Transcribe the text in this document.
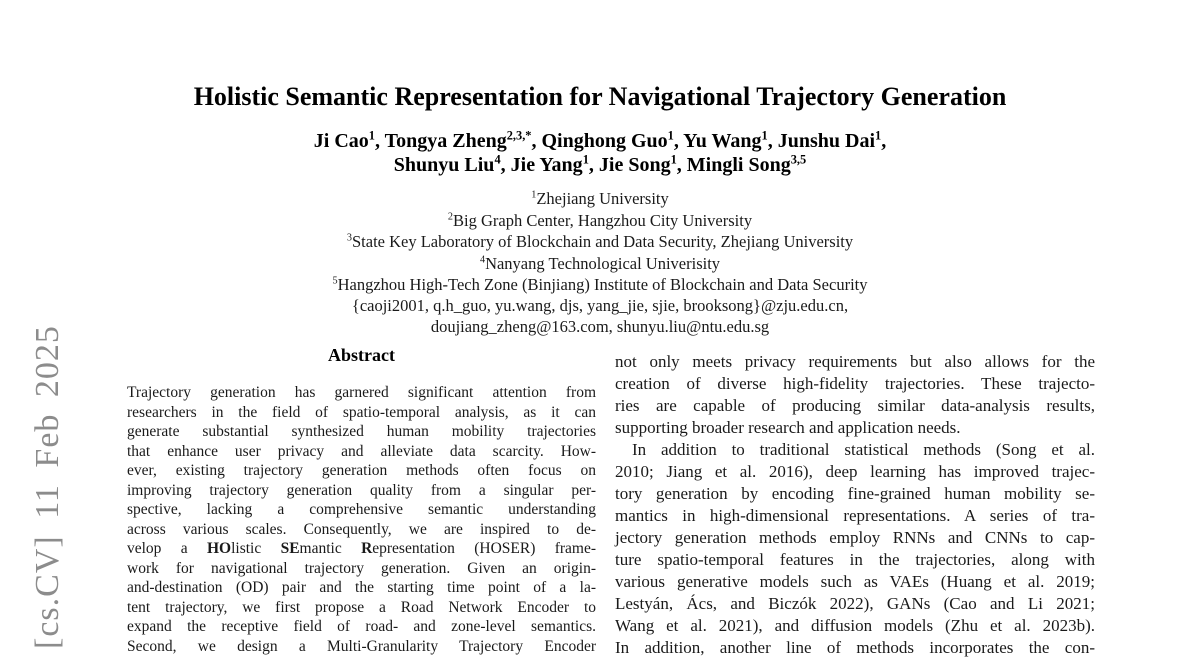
[cs.CV] 11 Feb 2025
Holistic Semantic Representation for Navigational Trajectory Generation
Ji Cao$^1$, Tongya Zheng$^{2,3,*}$, Qinghong Guo$^1$, Yu Wang$^1$, Junshu Dai$^1$,
Shunyu Liu$^4$, Jie Yang$^1$, Jie Song$^1$, Mingli Song$^{3,5}$
$^1$Zhejiang University
$^2$Big Graph Center, Hangzhou City University
$^3$State Key Laboratory of Blockchain and Data Security, Zhejiang University
$^4$Nanyang Technological Univerisity
$^5$Hangzhou High-Tech Zone (Binjiang) Institute of Blockchain and Data Security
{caoji2001, q.h_guo, yu.wang, djs, yang_jie, sjie, brooksong}@zju.edu.cn,
doujiang_zheng@163.com, shunyu.liu@ntu.edu.sg
Abstract
Trajectory generation has garnered significant attention from
researchers in the field of spatio-temporal analysis, as it can
generate substantial synthesized human mobility trajectories
that enhance user privacy and alleviate data scarcity. How-
ever, existing trajectory generation methods often focus on
improving trajectory generation quality from a singular per-
spective, lacking a comprehensive semantic understanding
across various scales. Consequently, we are inspired to de-
velop a HOlistic SEmantic Representation (HOSER) frame-
work for navigational trajectory generation. Given an origin-
and-destination (OD) pair and the starting time point of a la-
tent trajectory, we first propose a Road Network Encoder to
expand the receptive field of road- and zone-level semantics.
Second, we design a Multi-Granularity Trajectory Encoder
not only meets privacy requirements but also allows for the
creation of diverse high-fidelity trajectories. These trajecto-
ries are capable of producing similar data-analysis results,
supporting broader research and application needs.
In addition to traditional statistical methods (Song et al.
2010; Jiang et al. 2016), deep learning has improved trajec-
tory generation by encoding fine-grained human mobility se-
mantics in high-dimensional representations. A series of tra-
jectory generation methods employ RNNs and CNNs to cap-
ture spatio-temporal features in the trajectories, along with
various generative models such as VAEs (Huang et al. 2019;
Lestyán, Ács, and Biczók 2022), GANs (Cao and Li 2021;
Wang et al. 2021), and diffusion models (Zhu et al. 2023b).
In addition, another line of methods incorporates the con-
